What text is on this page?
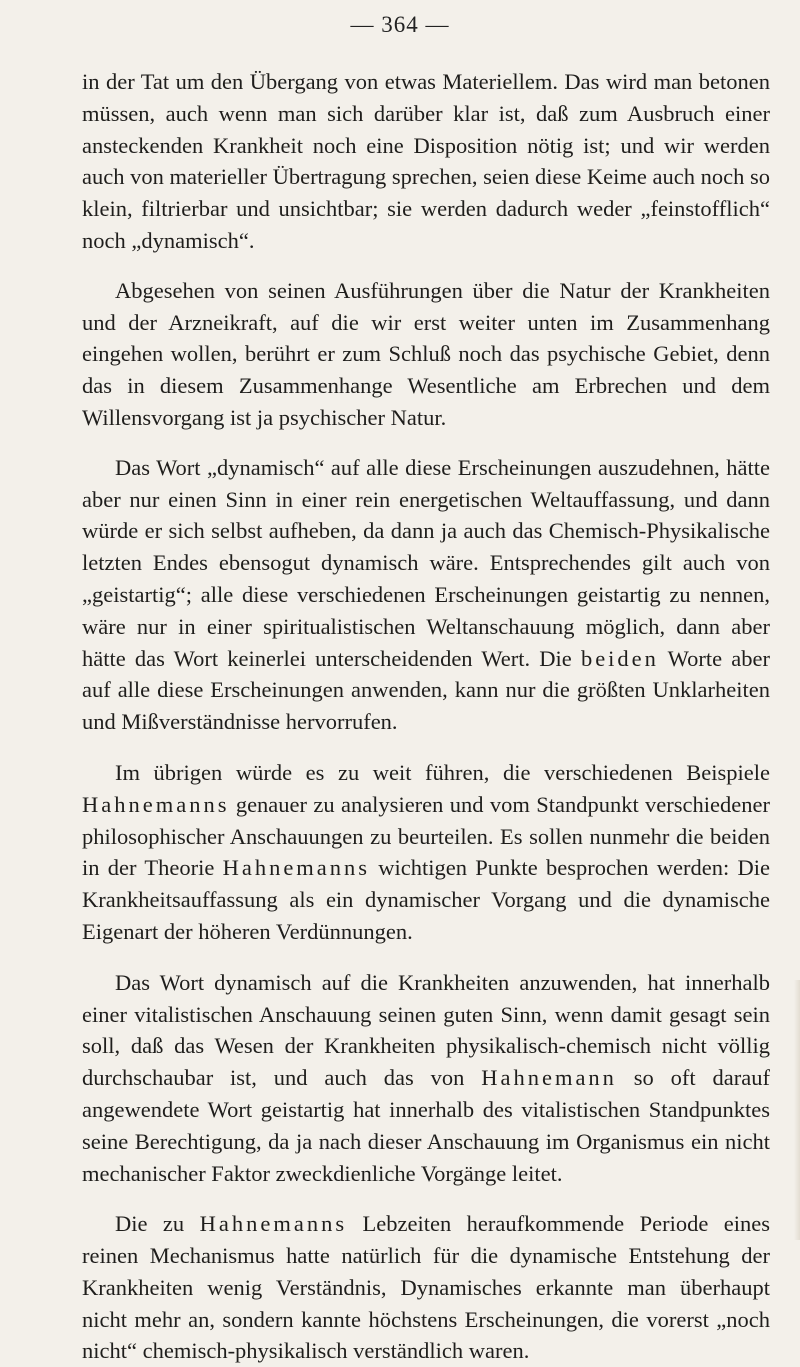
— 364 —

in der Tat um den Übergang von etwas Materiellem. Das wird man betonen müssen, auch wenn man sich darüber klar ist, daß zum Ausbruch einer ansteckenden Krankheit noch eine Disposition nötig ist; und wir werden auch von materieller Übertragung sprechen, seien diese Keime auch noch so klein, filtrierbar und unsichtbar; sie werden dadurch weder „feinstofflich“ noch „dynamisch“.

Abgesehen von seinen Ausführungen über die Natur der Krankheiten und der Arzneikraft, auf die wir erst weiter unten im Zusammenhang eingehen wollen, berührt er zum Schluß noch das psychische Gebiet, denn das in diesem Zusammenhange Wesentliche am Erbrechen und dem Willensvorgang ist ja psychischer Natur.

Das Wort „dynamisch“ auf alle diese Erscheinungen auszudehnen, hätte aber nur einen Sinn in einer rein energetischen Weltauffassung, und dann würde er sich selbst aufheben, da dann ja auch das Chemisch-Physikalische letzten Endes ebensogut dynamisch wäre. Entsprechendes gilt auch von „geistartig“; alle diese verschiedenen Erscheinungen geistartig zu nennen, wäre nur in einer spiritualistischen Weltanschauung möglich, dann aber hätte das Wort keinerlei unterscheidenden Wert. Die beiden Worte aber auf alle diese Erscheinungen anwenden, kann nur die größten Unklarheiten und Mißverständnisse hervorrufen.

Im übrigen würde es zu weit führen, die verschiedenen Beispiele Hahnemanns genauer zu analysieren und vom Standpunkt verschiedener philosophischer Anschauungen zu beurteilen. Es sollen nunmehr die beiden in der Theorie Hahnemanns wichtigen Punkte besprochen werden: Die Krankheitsauffassung als ein dynamischer Vorgang und die dynamische Eigenart der höheren Verdünnungen.

Das Wort dynamisch auf die Krankheiten anzuwenden, hat innerhalb einer vitalistischen Anschauung seinen guten Sinn, wenn damit gesagt sein soll, daß das Wesen der Krankheiten physikalisch-chemisch nicht völlig durchschaubar ist, und auch das von Hahnemann so oft darauf angewendete Wort geistartig hat innerhalb des vitalistischen Standpunktes seine Berechtigung, da ja nach dieser Anschauung im Organismus ein nicht mechanischer Faktor zweckdienliche Vorgänge leitet.

Die zu Hahnemanns Lebzeiten heraufkommende Periode eines reinen Mechanismus hatte natürlich für die dynamische Entstehung der Krankheiten wenig Verständnis, Dynamisches erkannte man überhaupt nicht mehr an, sondern kannte höchstens Erscheinungen, die vorerst „noch nicht“ chemisch-physikalisch verständlich waren.
